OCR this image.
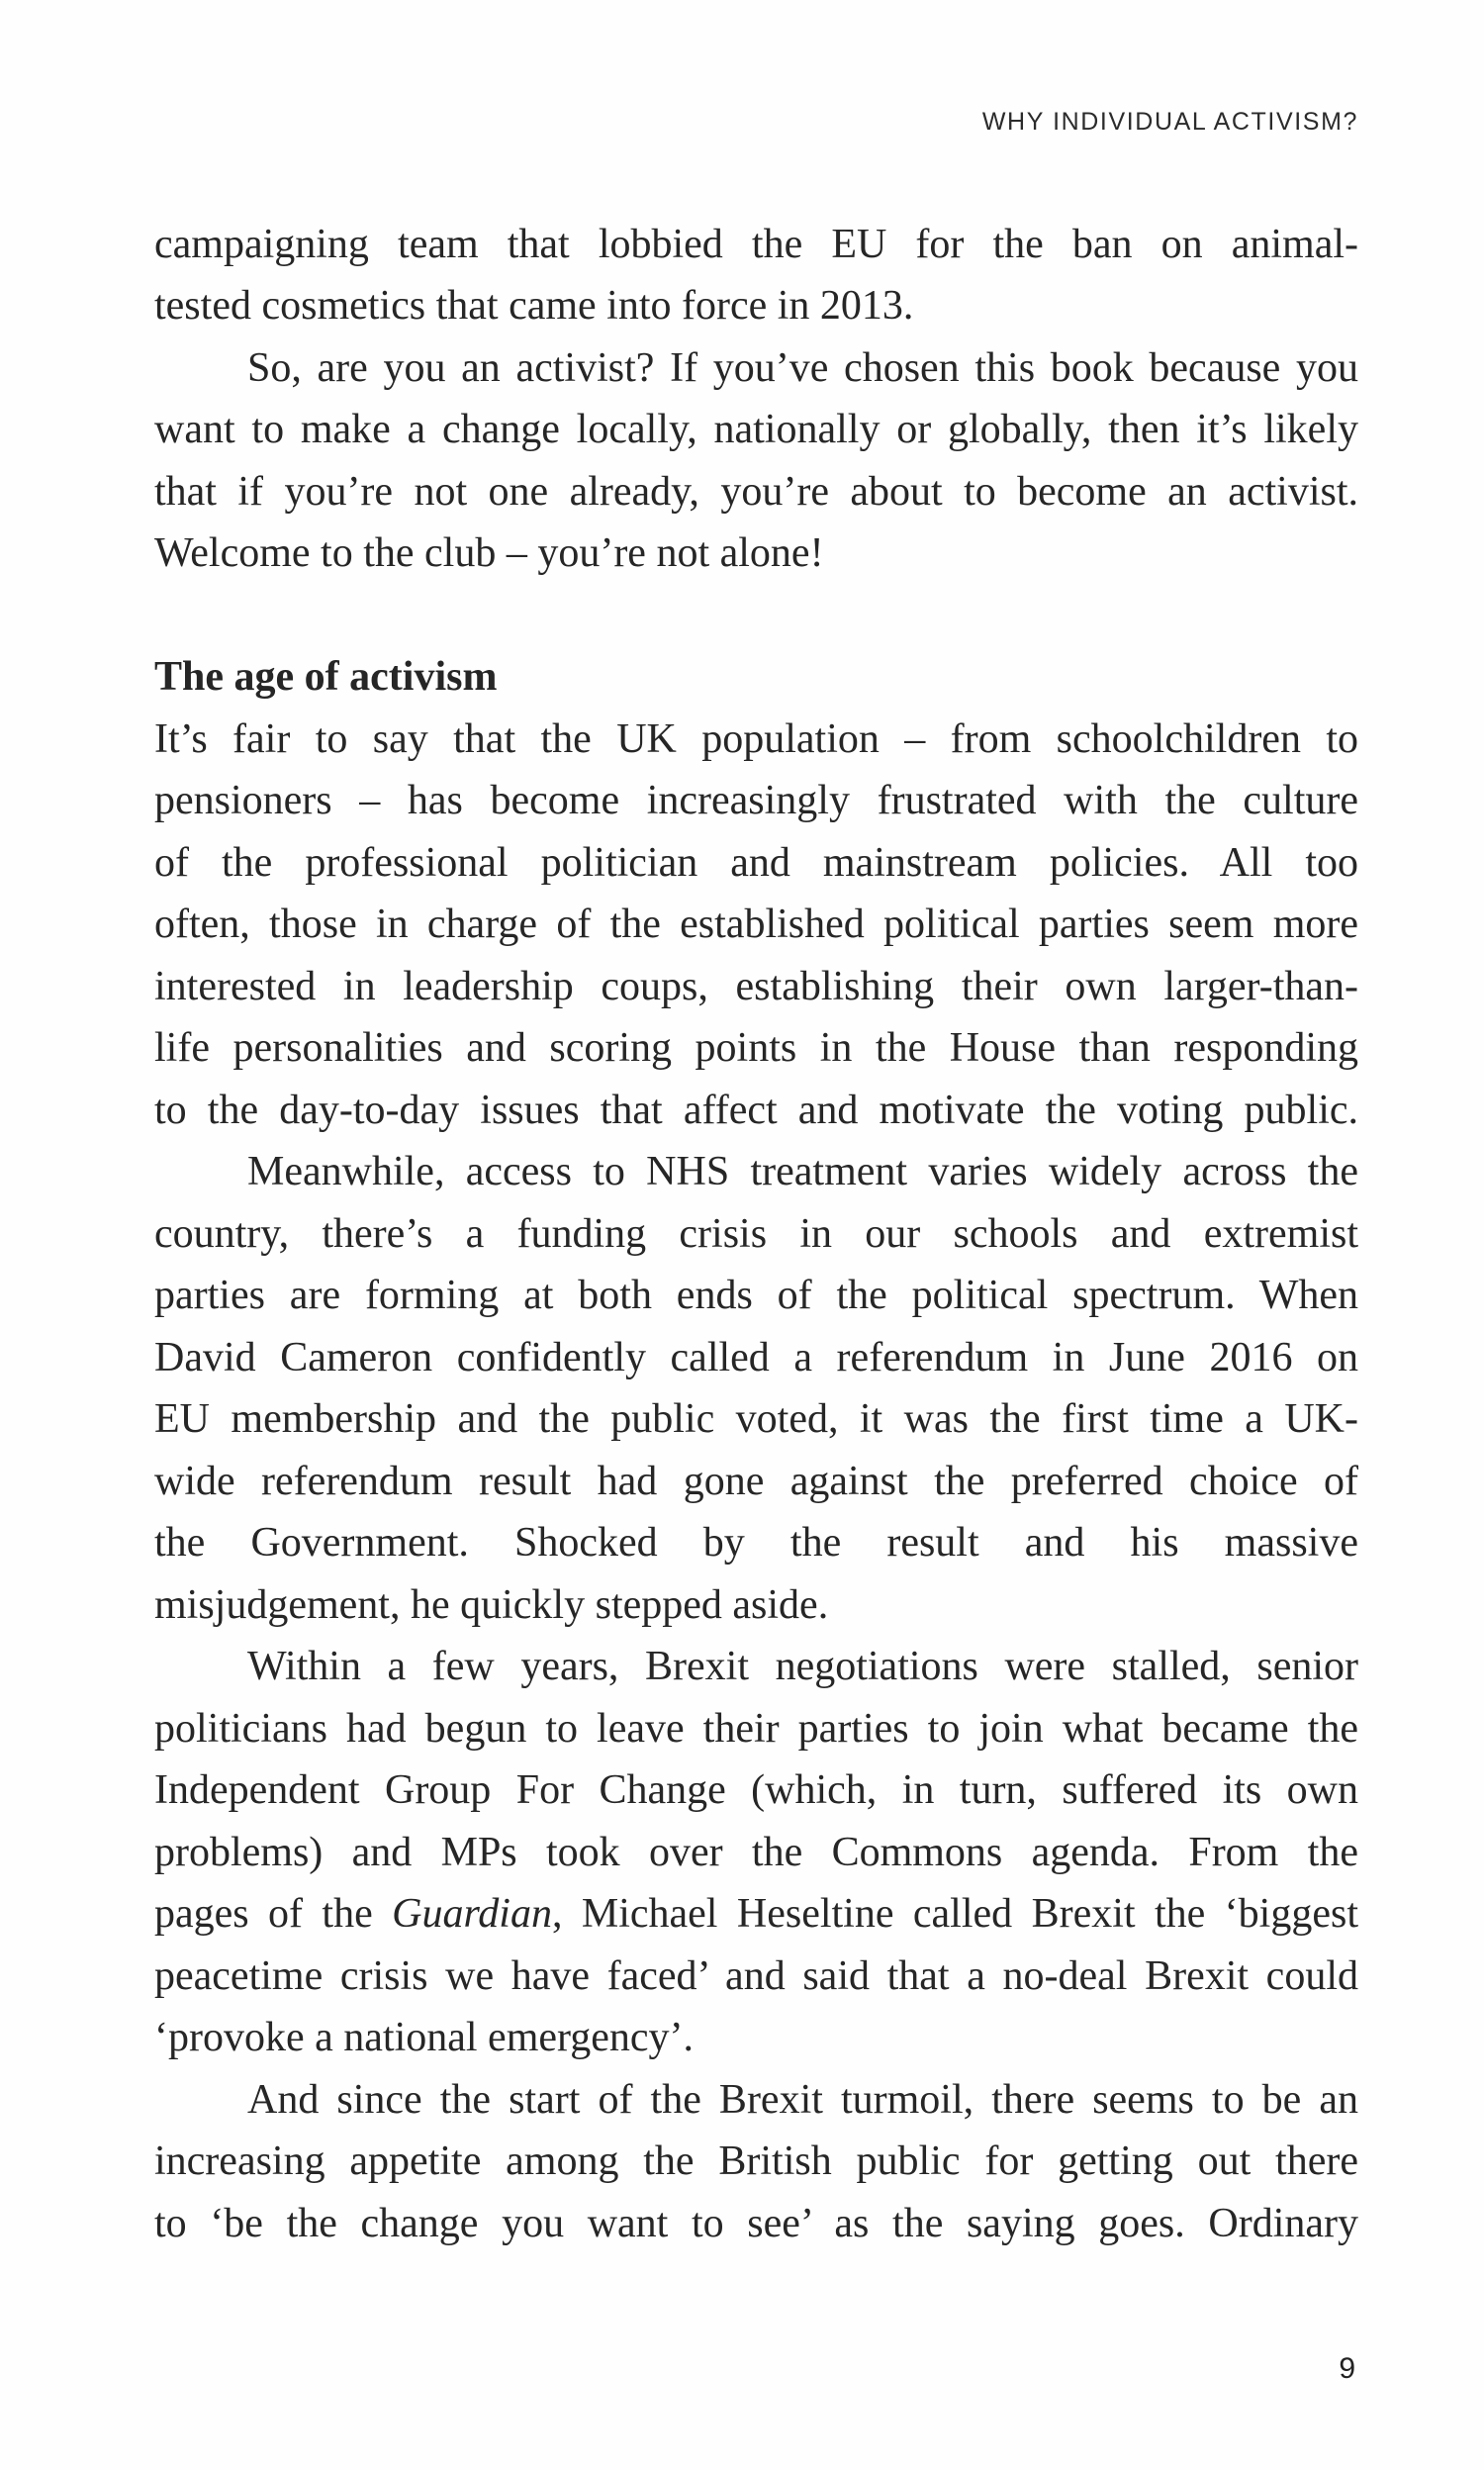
WHY INDIVIDUAL ACTIVISM?
campaigning team that lobbied the EU for the ban on animal-
tested cosmetics that came into force in 2013.
So, are you an activist? If you’ve chosen this book because you
want to make a change locally, nationally or globally, then it’s likely
that if you’re not one already, you’re about to become an activist.
Welcome to the club – you’re not alone!
The age of activism
It’s fair to say that the UK population – from schoolchildren to
pensioners – has become increasingly frustrated with the culture
of the professional politician and mainstream policies. All too
often, those in charge of the established political parties seem more
interested in leadership coups, establishing their own larger-than-
life personalities and scoring points in the House than responding
to the day-to-day issues that affect and motivate the voting public.
Meanwhile, access to NHS treatment varies widely across the
country, there’s a funding crisis in our schools and extremist
parties are forming at both ends of the political spectrum. When
David Cameron confidently called a referendum in June 2016 on
EU membership and the public voted, it was the first time a UK-
wide referendum result had gone against the preferred choice of
the Government. Shocked by the result and his massive
misjudgement, he quickly stepped aside.
Within a few years, Brexit negotiations were stalled, senior
politicians had begun to leave their parties to join what became the
Independent Group For Change (which, in turn, suffered its own
problems) and MPs took over the Commons agenda. From the
pages of the Guardian, Michael Heseltine called Brexit the ‘biggest
peacetime crisis we have faced’ and said that a no-deal Brexit could
‘provoke a national emergency’.
And since the start of the Brexit turmoil, there seems to be an
increasing appetite among the British public for getting out there
to ‘be the change you want to see’ as the saying goes. Ordinary
9
